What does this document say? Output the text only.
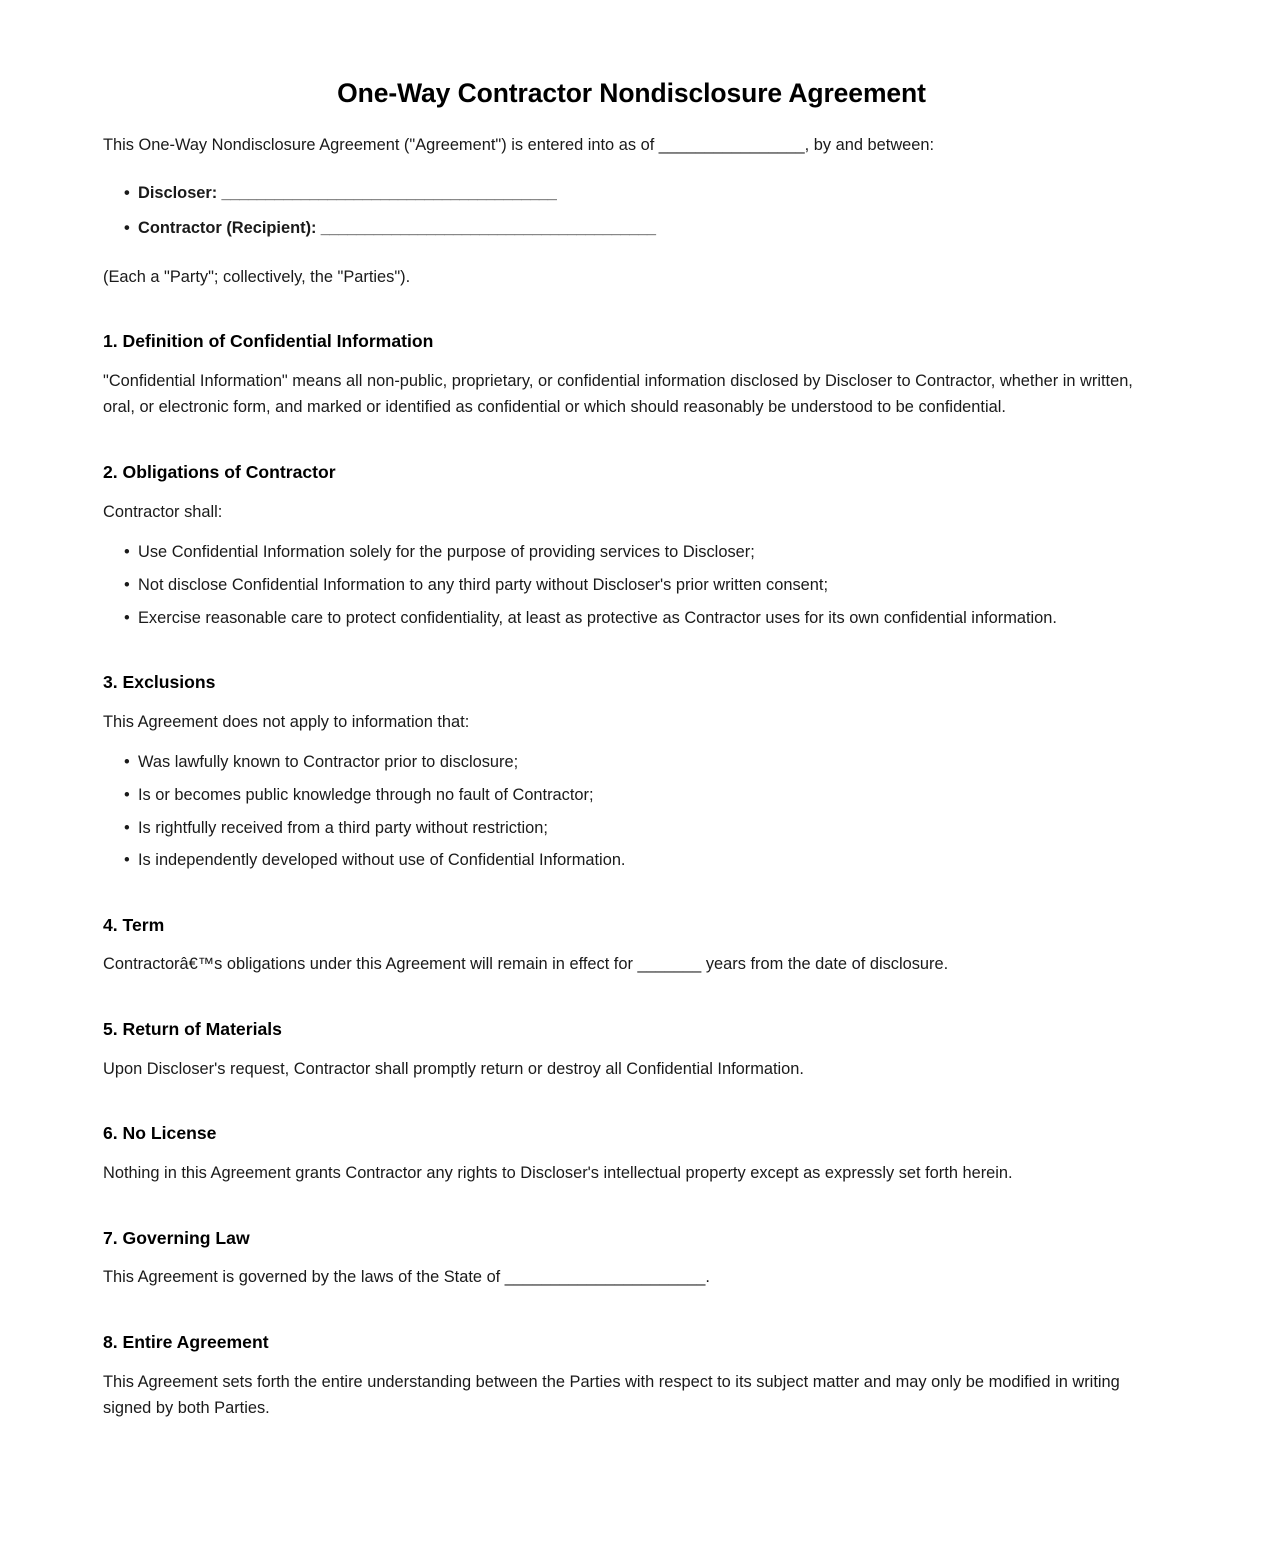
One-Way Contractor Nondisclosure Agreement

This One-Way Nondisclosure Agreement ("Agreement") is entered into as of ________________, by and between:

• Discloser: ______________________________________
• Contractor (Recipient): ______________________________________

(Each a "Party"; collectively, the "Parties").

1. Definition of Confidential Information

"Confidential Information" means all non-public, proprietary, or confidential information disclosed by Discloser to Contractor, whether in written, oral, or electronic form, and marked or identified as confidential or which should reasonably be understood to be confidential.

2. Obligations of Contractor

Contractor shall:

• Use Confidential Information solely for the purpose of providing services to Discloser;
• Not disclose Confidential Information to any third party without Discloser's prior written consent;
• Exercise reasonable care to protect confidentiality, at least as protective as Contractor uses for its own confidential information.
3. Exclusions

This Agreement does not apply to information that:

• Was lawfully known to Contractor prior to disclosure;
• Is or becomes public knowledge through no fault of Contractor;
• Is rightfully received from a third party without restriction;
• Is independently developed without use of Confidential Information.
4. Term

Contractorâ€™s obligations under this Agreement will remain in effect for _______ years from the date of disclosure.

5. Return of Materials

Upon Discloser's request, Contractor shall promptly return or destroy all Confidential Information.

6. No License

Nothing in this Agreement grants Contractor any rights to Discloser's intellectual property except as expressly set forth herein.

7. Governing Law

This Agreement is governed by the laws of the State of ______________________.

8. Entire Agreement

This Agreement sets forth the entire understanding between the Parties with respect to its subject matter and may only be modified in writing signed by both Parties.
